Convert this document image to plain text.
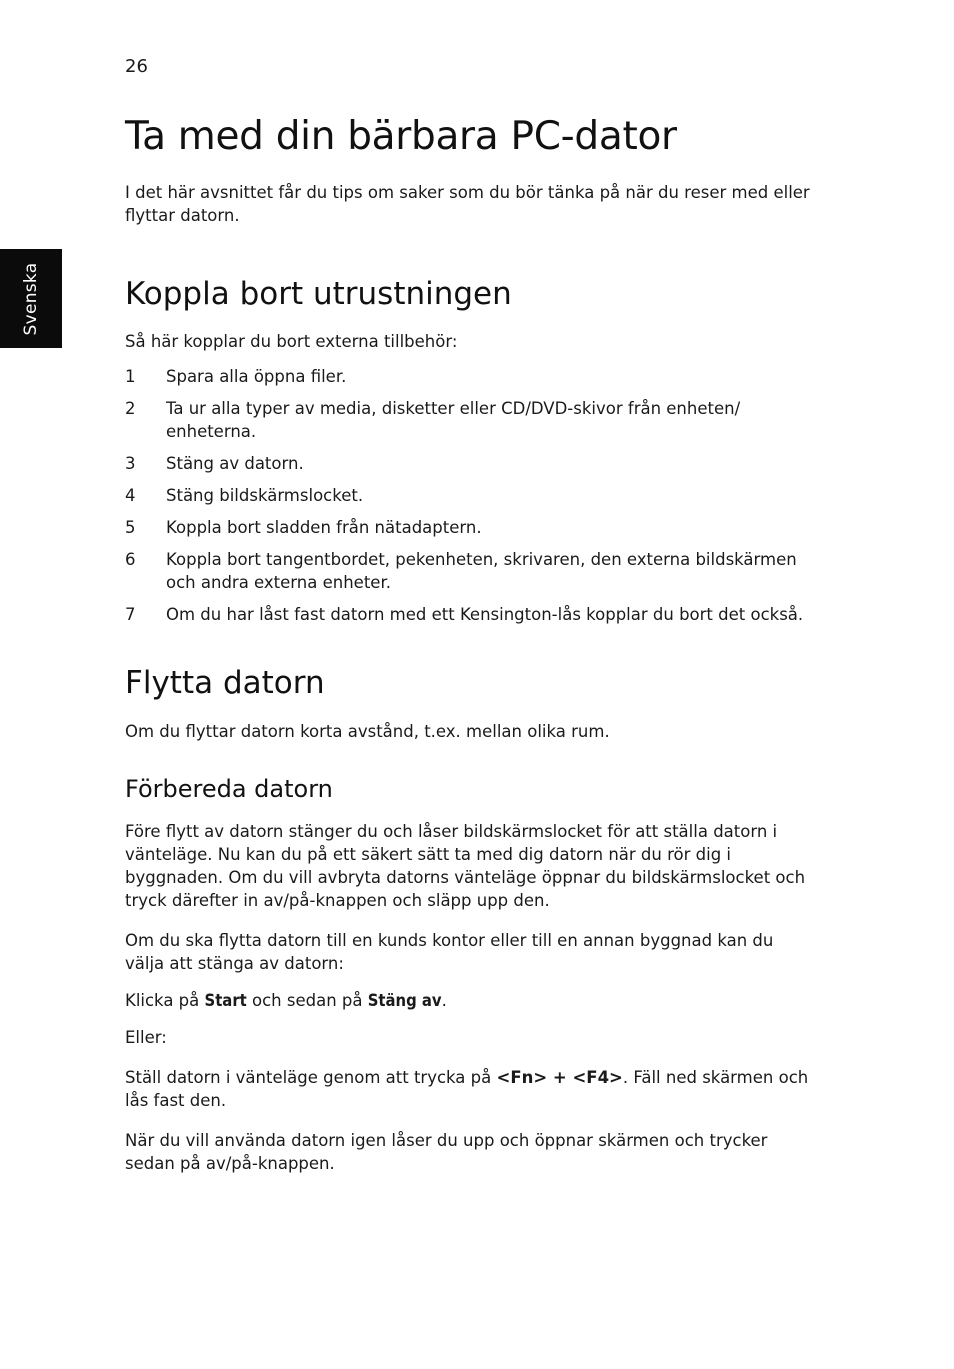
26
Svenska
Ta med din bärbara PC-dator

I det här avsnittet får du tips om saker som du bör tänka på när du reser med eller flyttar datorn.

Koppla bort utrustningen

Så här kopplar du bort externa tillbehör:

1	Spara alla öppna filer.
2	Ta ur alla typer av media, disketter eller CD/DVD-skivor från enheten/ enheterna.
3	Stäng av datorn.
4	Stäng bildskärmslocket.
5	Koppla bort sladden från nätadaptern.
6	Koppla bort tangentbordet, pekenheten, skrivaren, den externa bildskärmen och andra externa enheter.
7	Om du har låst fast datorn med ett Kensington-lås kopplar du bort det också.
Flytta datorn

Om du flyttar datorn korta avstånd, t.ex. mellan olika rum.

Förbereda datorn

Före flytt av datorn stänger du och låser bildskärmslocket för att ställa datorn i vänteläge. Nu kan du på ett säkert sätt ta med dig datorn när du rör dig i byggnaden. Om du vill avbryta datorns vänteläge öppnar du bildskärmslocket och tryck därefter in av/på-knappen och släpp upp den.

Om du ska flytta datorn till en kunds kontor eller till en annan byggnad kan du välja att stänga av datorn:

Klicka på Start och sedan på Stäng av.

Eller:

Ställ datorn i vänteläge genom att trycka på <Fn> + <F4>. Fäll ned skärmen och lås fast den.

När du vill använda datorn igen låser du upp och öppnar skärmen och trycker sedan på av/på-knappen.
